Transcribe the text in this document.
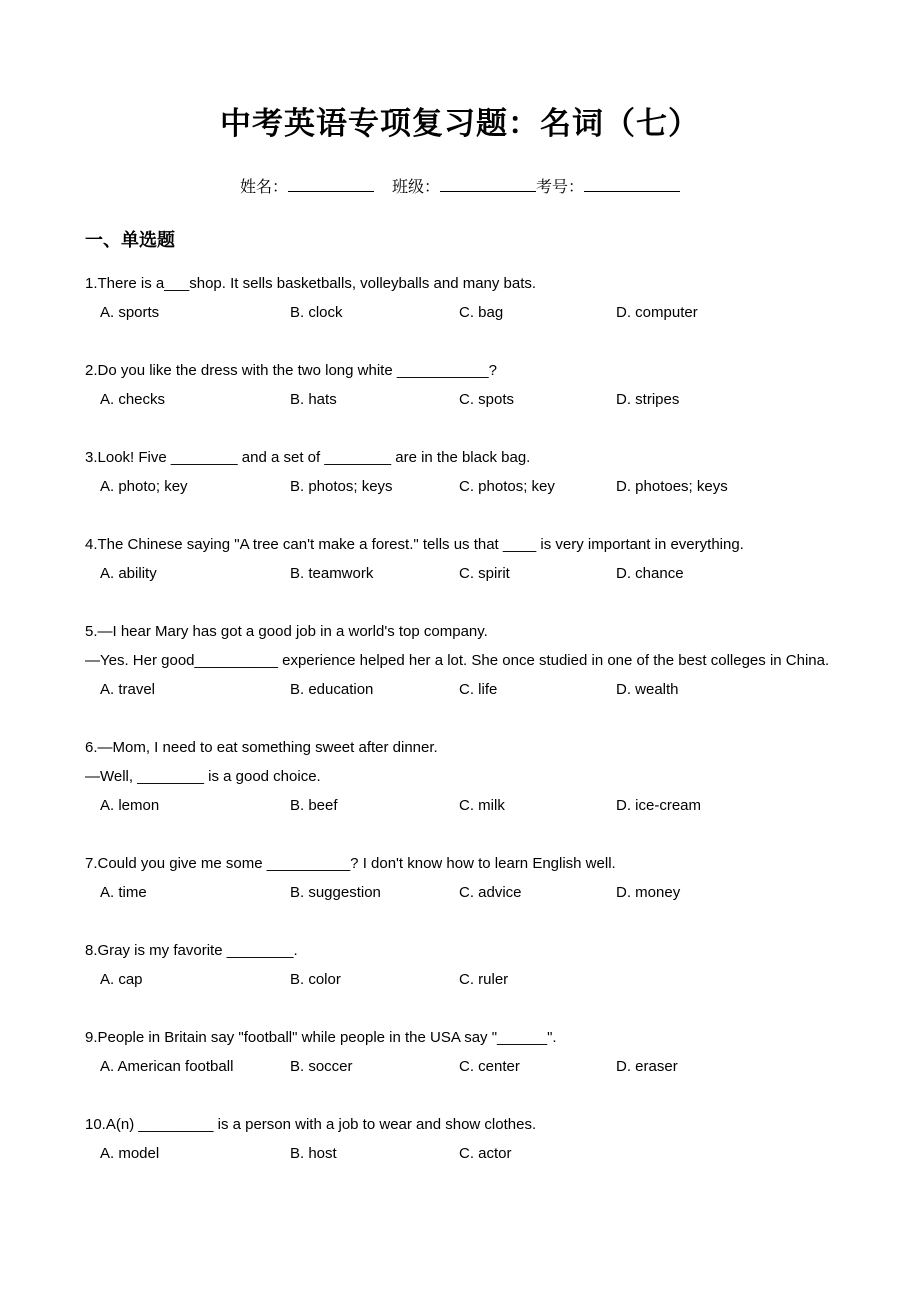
中考英语专项复习题：名词（七）
姓名：	班级：	考号：
一、单选题

1.There is a___shop. It sells basketballs, volleyballs and many bats.

A. sports	B. clock	C. bag	D. computer

2.Do you like the dress with the two long white ___________?

A. checks	B. hats	C. spots	D. stripes

3.Look! Five ________ and a set of ________ are in the black bag.

A. photo; key	B. photos; keys	C. photos; key	D. photoes; keys

4.The Chinese saying "A tree can't make a forest." tells us that ____ is very important in everything.

A. ability	B. teamwork	C. spirit	D. chance

5.—I hear Mary has got a good job in a world's top company.

—Yes. Her good__________ experience helped her a lot. She once studied in one of the best colleges in China.

A. travel	B. education	C. life	D. wealth

6.—Mom, I need to eat something sweet after dinner.

—Well, ________ is a good choice.

A. lemon	B. beef	C. milk	D. ice-cream

7.Could you give me some __________? I don't know how to learn English well.

A. time	B. suggestion	C. advice	D. money

8.Gray is my favorite ________.

A. cap	B. color	C. ruler

9.People in Britain say "football" while people in the USA say "______".

A. American football	B. soccer	C. center	D. eraser

10.A(n) _________ is a person with a job to wear and show clothes.

A. model	B. host	C. actor
